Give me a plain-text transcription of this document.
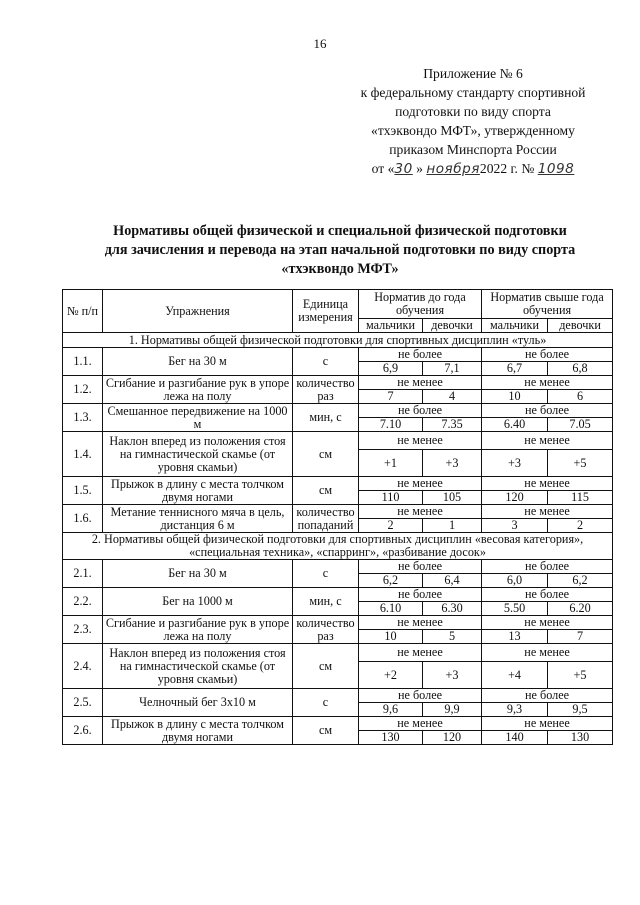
16
Приложение № 6
к федеральному стандарту спортивной
подготовки по виду спорта
«тхэквондо МФТ», утвержденному
приказом Минспорта России
от «30 » ноября2022 г. № 1098
Нормативы общей физической и специальной физической подготовки
для зачисления и перевода на этап начальной подготовки по виду спорта
«тхэквондо МФТ»
№ п/п	Упражнения	Единица измерения	Норматив до года обучения		Норматив свыше года обучения	
			мальчики	девочки	мальчики	девочки
1. Нормативы общей физической подготовки для спортивных дисциплин «туль»						
1.1.	Бег на 30 м	с	не более		не более	
			6,9	7,1	6,7	6,8
1.2.	Сгибание и разгибание рук в упоре лежа на полу	количество раз	не менее		не менее	
			7	4	10	6
1.3.	Смешанное передвижение на 1000 м	мин, с	не более		не более	
			7.10	7.35	6.40	7.05
1.4.	Наклон вперед из положения стоя на гимнастической скамье (от уровня скамьи)	см	не менее		не менее	
			+1	+3	+3	+5
1.5.	Прыжок в длину с места толчком двумя ногами	см	не менее		не менее	
			110	105	120	115
1.6.	Метание теннисного мяча в цель, дистанция 6 м	количество попаданий	не менее		не менее	
			2	1	3	2
2. Нормативы общей физической подготовки для спортивных дисциплин «весовая категория», «специальная техника», «спарринг», «разбивание досок»						
2.1.	Бег на 30 м	с	не более		не более	
			6,2	6,4	6,0	6,2
2.2.	Бег на 1000 м	мин, с	не более		не более	
			6.10	6.30	5.50	6.20
2.3.	Сгибание и разгибание рук в упоре лежа на полу	количество раз	не менее		не менее	
			10	5	13	7
2.4.	Наклон вперед из положения стоя на гимнастической скамье (от уровня скамьи)	см	не менее		не менее	
			+2	+3	+4	+5
2.5.	Челночный бег 3х10 м	с	не более		не более	
			9,6	9,9	9,3	9,5
2.6.	Прыжок в длину с места толчком двумя ногами	см	не менее		не менее	
			130	120	140	130
